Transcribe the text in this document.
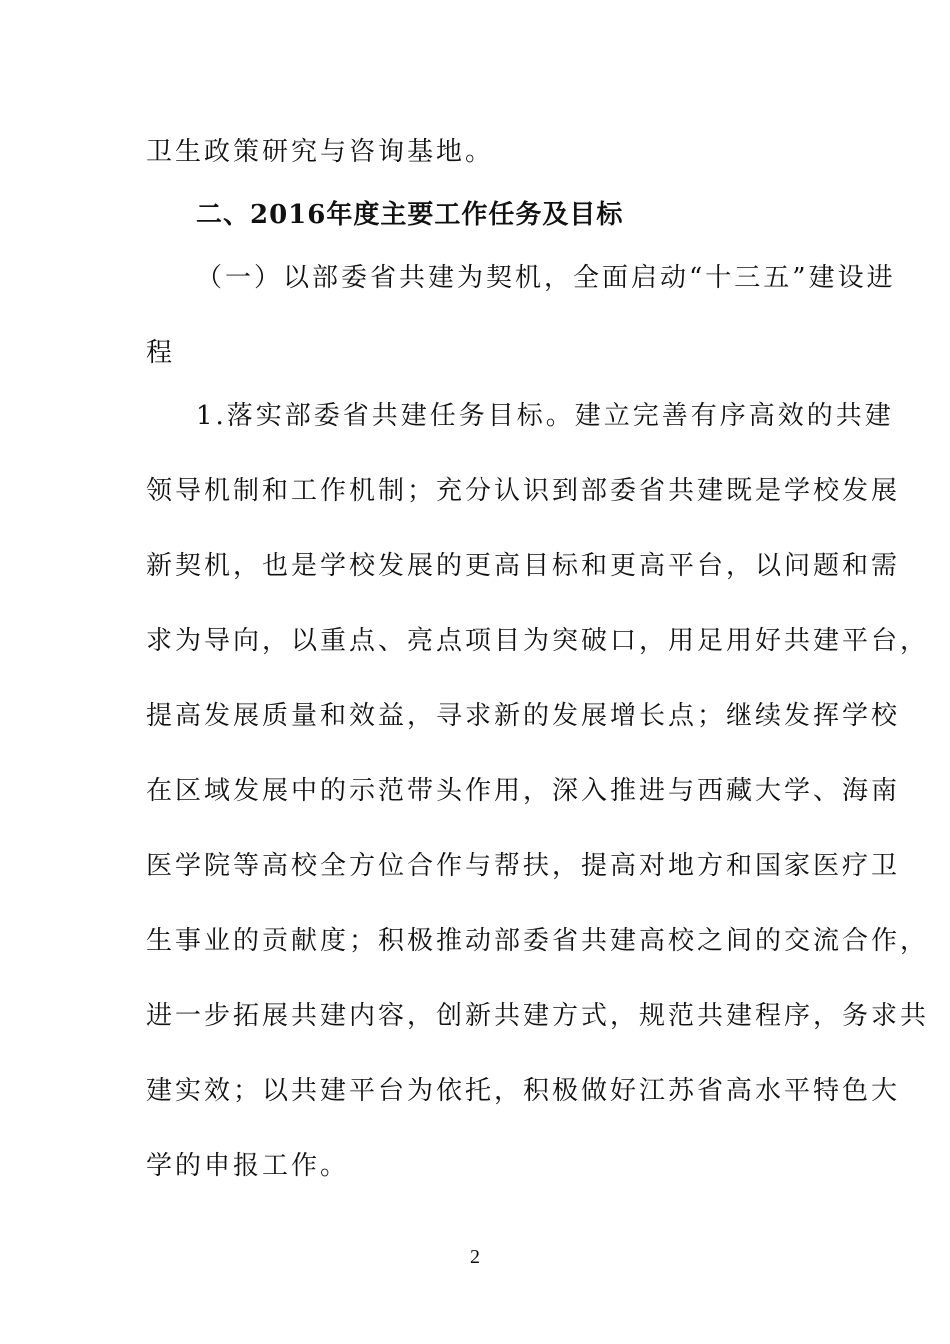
卫生政策研究与咨询基地。
二、2016年度主要工作任务及目标
（一）以部委省共建为契机，全面启动“十三五”建设进
程
1.落实部委省共建任务目标。建立完善有序高效的共建
领导机制和工作机制；充分认识到部委省共建既是学校发展
新契机，也是学校发展的更高目标和更高平台，以问题和需
求为导向，以重点、亮点项目为突破口，用足用好共建平台，
提高发展质量和效益，寻求新的发展增长点；继续发挥学校
在区域发展中的示范带头作用，深入推进与西藏大学、海南
医学院等高校全方位合作与帮扶，提高对地方和国家医疗卫
生事业的贡献度；积极推动部委省共建高校之间的交流合作，
进一步拓展共建内容，创新共建方式，规范共建程序，务求共
建实效；以共建平台为依托，积极做好江苏省高水平特色大
学的申报工作。
2
